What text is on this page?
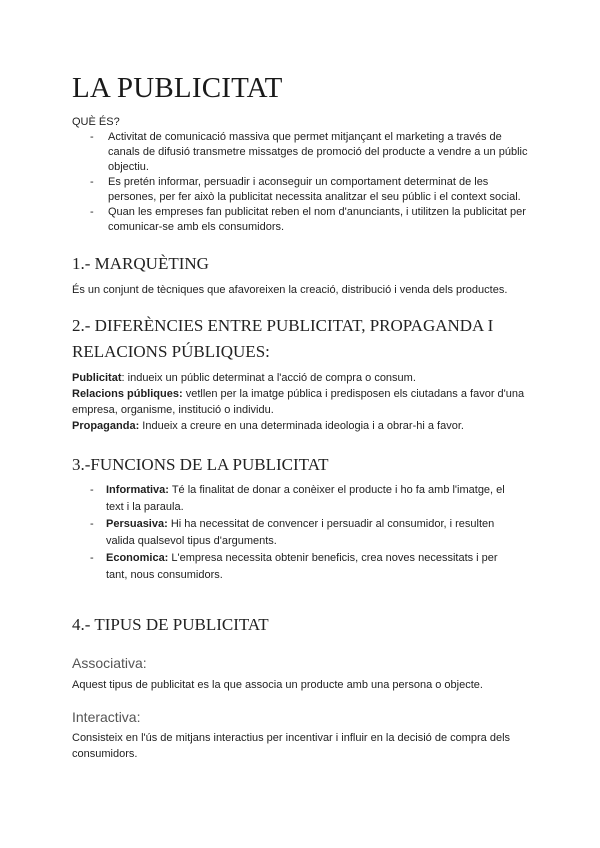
LA PUBLICITAT

QUÈ ÉS?

- Activitat de comunicació massiva que permet mitjançant el marketing a través de canals de difusió transmetre missatges de promoció del producte a vendre a un públic objectiu.
- Es pretén informar, persuadir i aconseguir un comportament determinat de les persones, per fer això la publicitat necessita analitzar el seu públic i el context social.
- Quan les empreses fan publicitat reben el nom d'anunciants, i utilitzen la publicitat per comunicar-se amb els consumidors.
1.- MARQUÈTING

És un conjunt de tècniques que afavoreixen la creació, distribució i venda dels productes.

2.- DIFERÈNCIES ENTRE PUBLICITAT, PROPAGANDA I
RELACIONS PÚBLIQUES:
Publicitat: indueix un públic determinat a l'acció de compra o consum.
Relacions públiques: vetllen per la imatge pública i predisposen els ciutadans a favor d'una empresa, organisme, institució o individu.
Propaganda: Indueix a creure en una determinada ideologia i a obrar-hi a favor.
3.-FUNCIONS DE LA PUBLICITAT
- Informativa: Té la finalitat de donar a conèixer el producte i ho fa amb l'imatge, el text i la paraula.
- Persuasiva: Hi ha necessitat de convencer i persuadir al consumidor, i resulten valida qualsevol tipus d'arguments.
- Economica: L'empresa necessita obtenir beneficis, crea noves necessitats i per tant, nous consumidors.
4.- TIPUS DE PUBLICITAT
Associativa:

Aquest tipus de publicitat es la que associa un producte amb una persona o objecte.

Interactiva:

Consisteix en l'ús de mitjans interactius per incentivar i influir en la decisió de compra dels consumidors.
